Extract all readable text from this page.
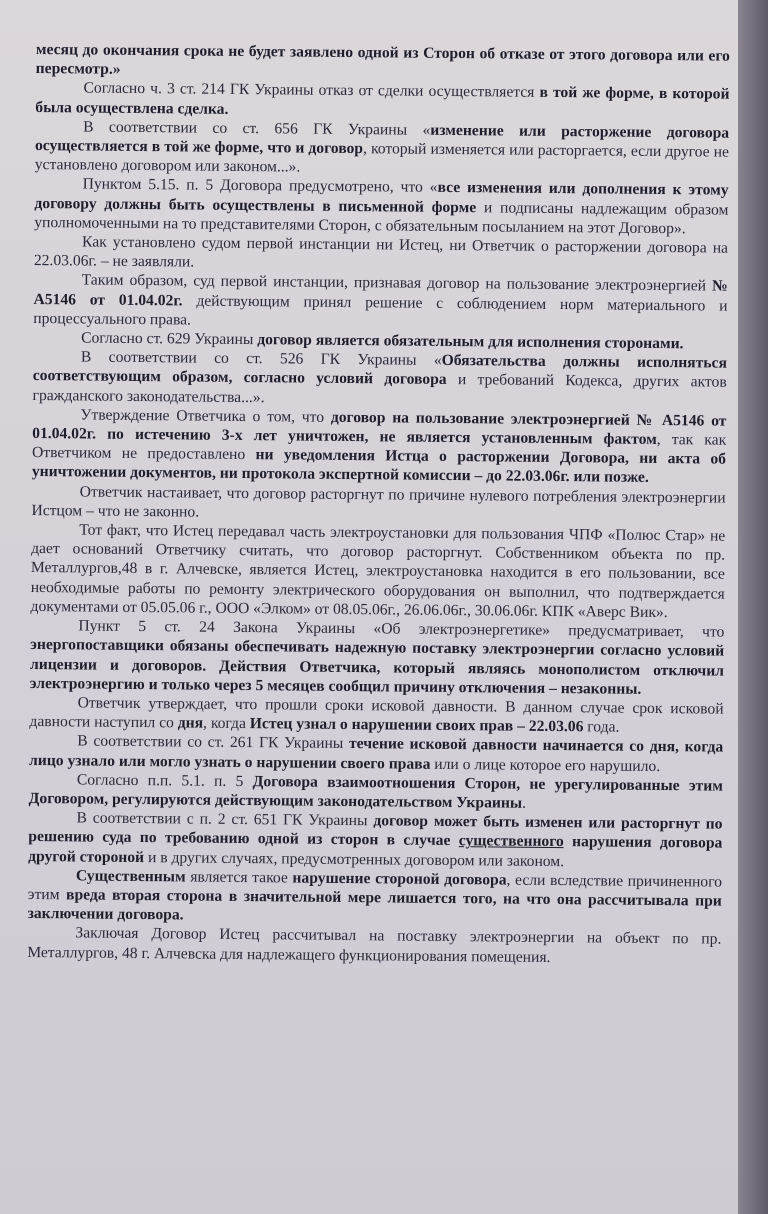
месяц до окончания срока не будет заявлено одной из Сторон об отказе от этого договора или его пересмотр.»

Согласно ч. 3 ст. 214 ГК Украины отказ от сделки осуществляется в той же форме, в которой была осуществлена сделка.

В соответствии со ст. 656 ГК Украины «изменение или расторжение договора осуществляется в той же форме, что и договор, который изменяется или расторгается, если другое не установлено договором или законом...».

Пунктом 5.15. п. 5 Договора предусмотрено, что «все изменения или дополнения к этому договору должны быть осуществлены в письменной форме и подписаны надлежащим образом уполномоченными на то представителями Сторон, с обязательным посыланием на этот Договор».

Как установлено судом первой инстанции ни Истец, ни Ответчик о расторжении договора на 22.03.06г. – не заявляли.

Таким образом, суд первой инстанции, признавая договор на пользование электроэнергией № А5146 от 01.04.02г. действующим принял решение с соблюдением норм материального и процессуального права.

Согласно ст. 629 Украины договор является обязательным для исполнения сторонами.

В соответствии со ст. 526 ГК Украины «Обязательства должны исполняться соответствующим образом, согласно условий договора и требований Кодекса, других актов гражданского законодательства...».

Утверждение Ответчика о том, что договор на пользование электроэнергией № А5146 от 01.04.02г. по истечению 3-х лет уничтожен, не является установленным фактом, так как Ответчиком не предоставлено ни уведомления Истца о расторжении Договора, ни акта об уничтожении документов, ни протокола экспертной комиссии – до 22.03.06г. или позже.

Ответчик настаивает, что договор расторгнут по причине нулевого потребления электроэнергии Истцом – что не законно.

Тот факт, что Истец передавал часть электроустановки для пользования ЧПФ «Полюс Стар» не дает оснований Ответчику считать, что договор расторгнут. Собственником объекта по пр. Металлургов,48 в г. Алчевске, является Истец, электроустановка находится в его пользовании, все необходимые работы по ремонту электрического оборудования он выполнил, что подтверждается документами от 05.05.06 г., ООО «Элком» от 08.05.06г., 26.06.06г., 30.06.06г. КПК «Аверс Вик».

Пункт 5 ст. 24 Закона Украины «Об электроэнергетике» предусматривает, что энергопоставщики обязаны обеспечивать надежную поставку электроэнергии согласно условий лицензии и договоров. Действия Ответчика, который являясь монополистом отключил электроэнергию и только через 5 месяцев сообщил причину отключения – незаконны.

Ответчик утверждает, что прошли сроки исковой давности. В данном случае срок исковой давности наступил со дня, когда Истец узнал о нарушении своих прав – 22.03.06 года.

В соответствии со ст. 261 ГК Украины течение исковой давности начинается со дня, когда лицо узнало или могло узнать о нарушении своего права или о лице которое его нарушило.

Согласно п.п. 5.1. п. 5 Договора взаимоотношения Сторон, не урегулированные этим Договором, регулируются действующим законодательством Украины.

В соответствии с п. 2 ст. 651 ГК Украины договор может быть изменен или расторгнут по решению суда по требованию одной из сторон в случае существенного нарушения договора другой стороной и в других случаях, предусмотренных договором или законом.

Существенным является такое нарушение стороной договора, если вследствие причиненного этим вреда вторая сторона в значительной мере лишается того, на что она рассчитывала при заключении договора.

Заключая Договор Истец рассчитывал на поставку электроэнергии на объект по пр. Металлургов, 48 г. Алчевска для надлежащего функционирования помещения.
